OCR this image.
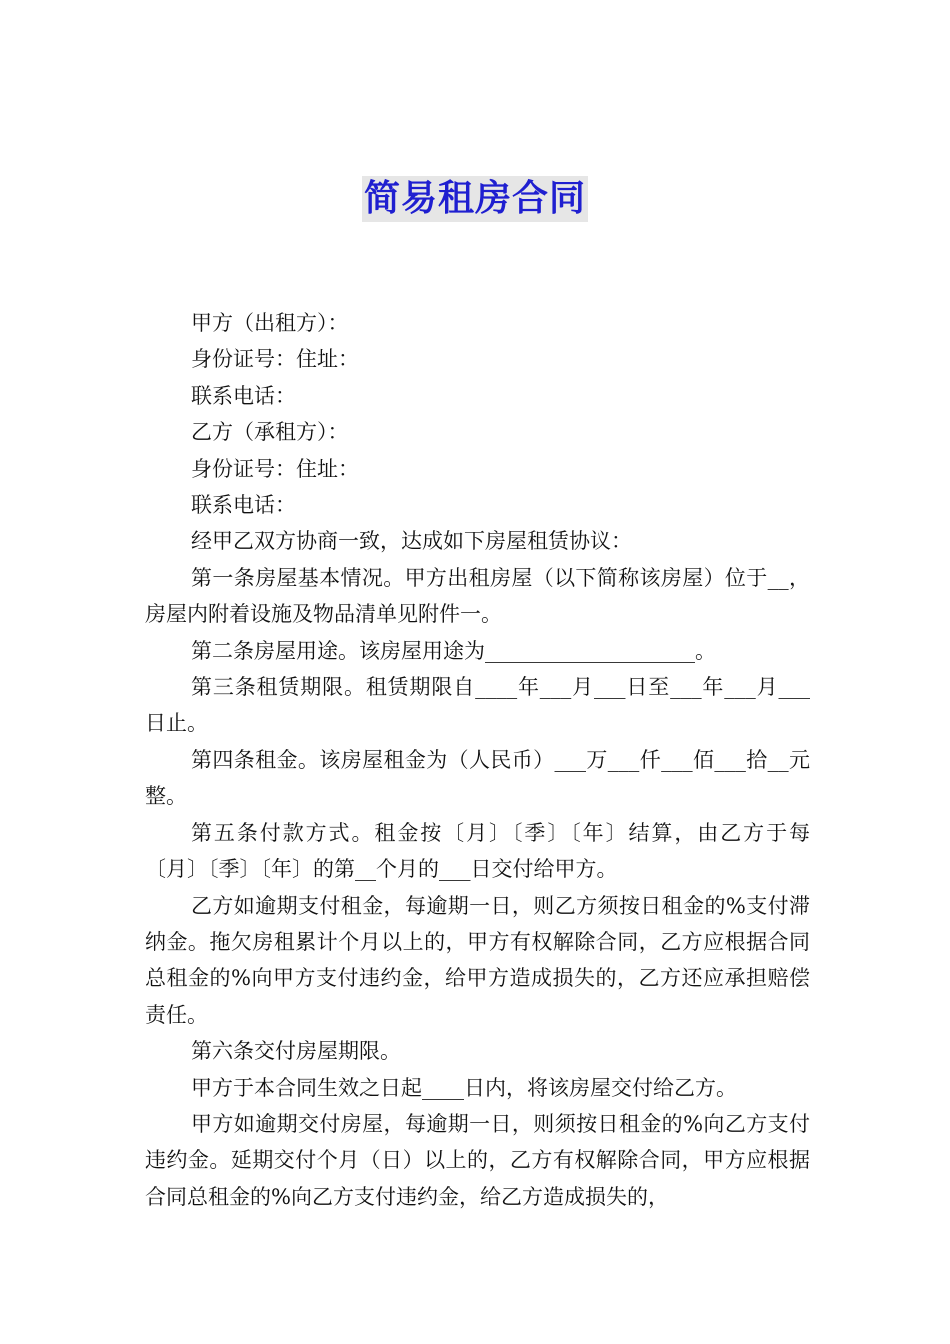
简易租房合同

甲方（出租方）：

身份证号：住址：

联系电话：

乙方（承租方）：

身份证号：住址：

联系电话：

经甲乙双方协商一致，达成如下房屋租赁协议：

第一条房屋基本情况。甲方出租房屋（以下简称该房屋）位于__，房屋内附着设施及物品清单见附件一。

第二条房屋用途。该房屋用途为____________________。

第三条租赁期限。租赁期限自____年___月___日至___年___月___日止。

第四条租金。该房屋租金为（人民币）___万___仟___佰___拾__元整。

第五条付款方式。租金按〔月〕〔季〕〔年〕结算，由乙方于每〔月〕〔季〕〔年〕的第__个月的___日交付给甲方。

乙方如逾期支付租金，每逾期一日，则乙方须按日租金的%支付滞纳金。拖欠房租累计个月以上的，甲方有权解除合同，乙方应根据合同总租金的%向甲方支付违约金，给甲方造成损失的，乙方还应承担赔偿责任。

第六条交付房屋期限。

甲方于本合同生效之日起____日内，将该房屋交付给乙方。

甲方如逾期交付房屋，每逾期一日，则须按日租金的%向乙方支付违约金。延期交付个月（日）以上的，乙方有权解除合同，甲方应根据合同总租金的%向乙方支付违约金，给乙方造成损失的，
